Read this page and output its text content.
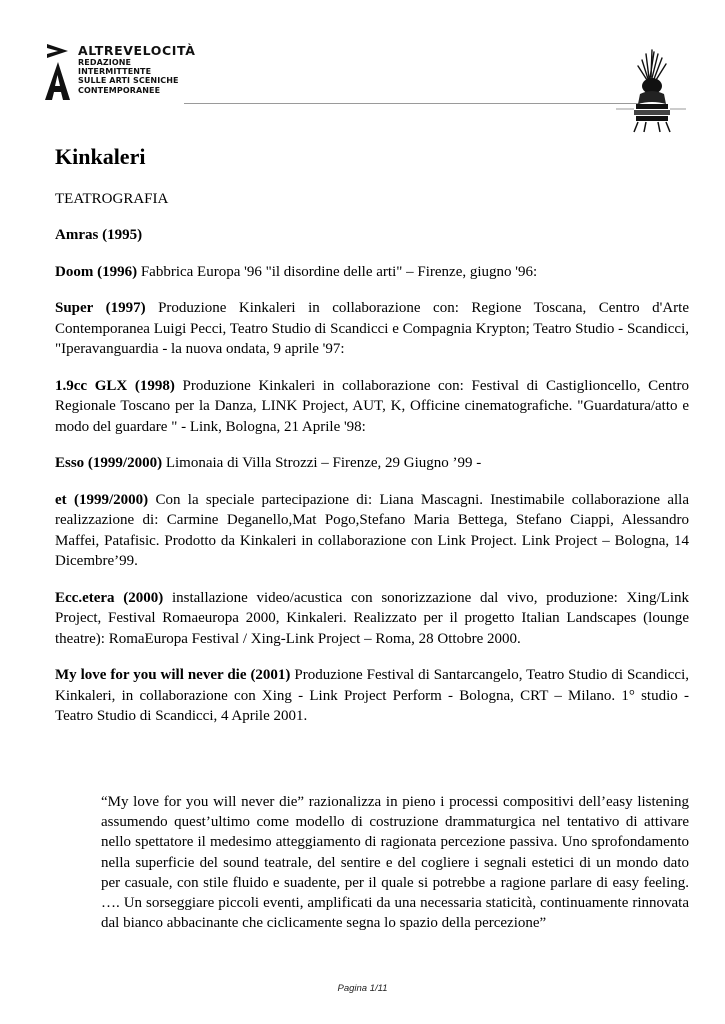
ALTREVELOCITÀ
REDAZIONE
INTERMITTENTE
SULLE ARTI SCENICHE
CONTEMPORANEE
Kinkaleri
TEATROGRAFIA
Amras (1995)
Doom (1996) Fabbrica Europa '96 "il disordine delle arti" – Firenze, giugno '96:
Super (1997) Produzione Kinkaleri in collaborazione con: Regione Toscana, Centro d'Arte Contemporanea Luigi Pecci, Teatro Studio di Scandicci e Compagnia Krypton; Teatro Studio - Scandicci, "Iperavanguardia - la nuova ondata, 9 aprile '97:
1.9cc GLX (1998) Produzione Kinkaleri in collaborazione con: Festival di Castiglioncello, Centro Regionale Toscano per la Danza, LINK Project, AUT, K, Officine cinematografiche. "Guardatura/atto e modo del guardare " - Link, Bologna, 21 Aprile '98:
Esso (1999/2000) Limonaia di Villa Strozzi – Firenze, 29 Giugno ’99 -
et (1999/2000) Con la speciale partecipazione di: Liana Mascagni. Inestimabile collaborazione alla realizzazione di: Carmine Deganello,Mat Pogo,Stefano Maria Bettega, Stefano Ciappi, Alessandro Maffei, Patafisic. Prodotto da Kinkaleri in collaborazione con Link Project. Link Project – Bologna, 14 Dicembre’99.
Ecc.etera (2000) installazione video/acustica con sonorizzazione dal vivo, produzione: Xing/Link Project, Festival Romaeuropa 2000, Kinkaleri. Realizzato per il progetto Italian Landscapes (lounge theatre): RomaEuropa Festival / Xing-Link Project – Roma, 28 Ottobre 2000.
My love for you will never die (2001) Produzione Festival di Santarcangelo, Teatro Studio di Scandicci, Kinkaleri, in collaborazione con Xing - Link Project Perform - Bologna, CRT – Milano. 1° studio - Teatro Studio di Scandicci, 4 Aprile 2001.
“My love for you will never die” razionalizza in pieno i processi compositivi dell’easy listening assumendo quest’ultimo come modello di costruzione drammaturgica nel tentativo di attivare nello spettatore il medesimo atteggiamento di ragionata percezione passiva. Uno sprofondamento nella superficie del sound teatrale, del sentire e del cogliere i segnali estetici di un mondo dato per casuale, con stile fluido e suadente, per il quale si potrebbe a ragione parlare di easy feeling. …. Un sorseggiare piccoli eventi, amplificati da una necessaria staticità, continuamente rinnovata dal bianco abbacinante che ciclicamente segna lo spazio della percezione”
Pagina 1/11
